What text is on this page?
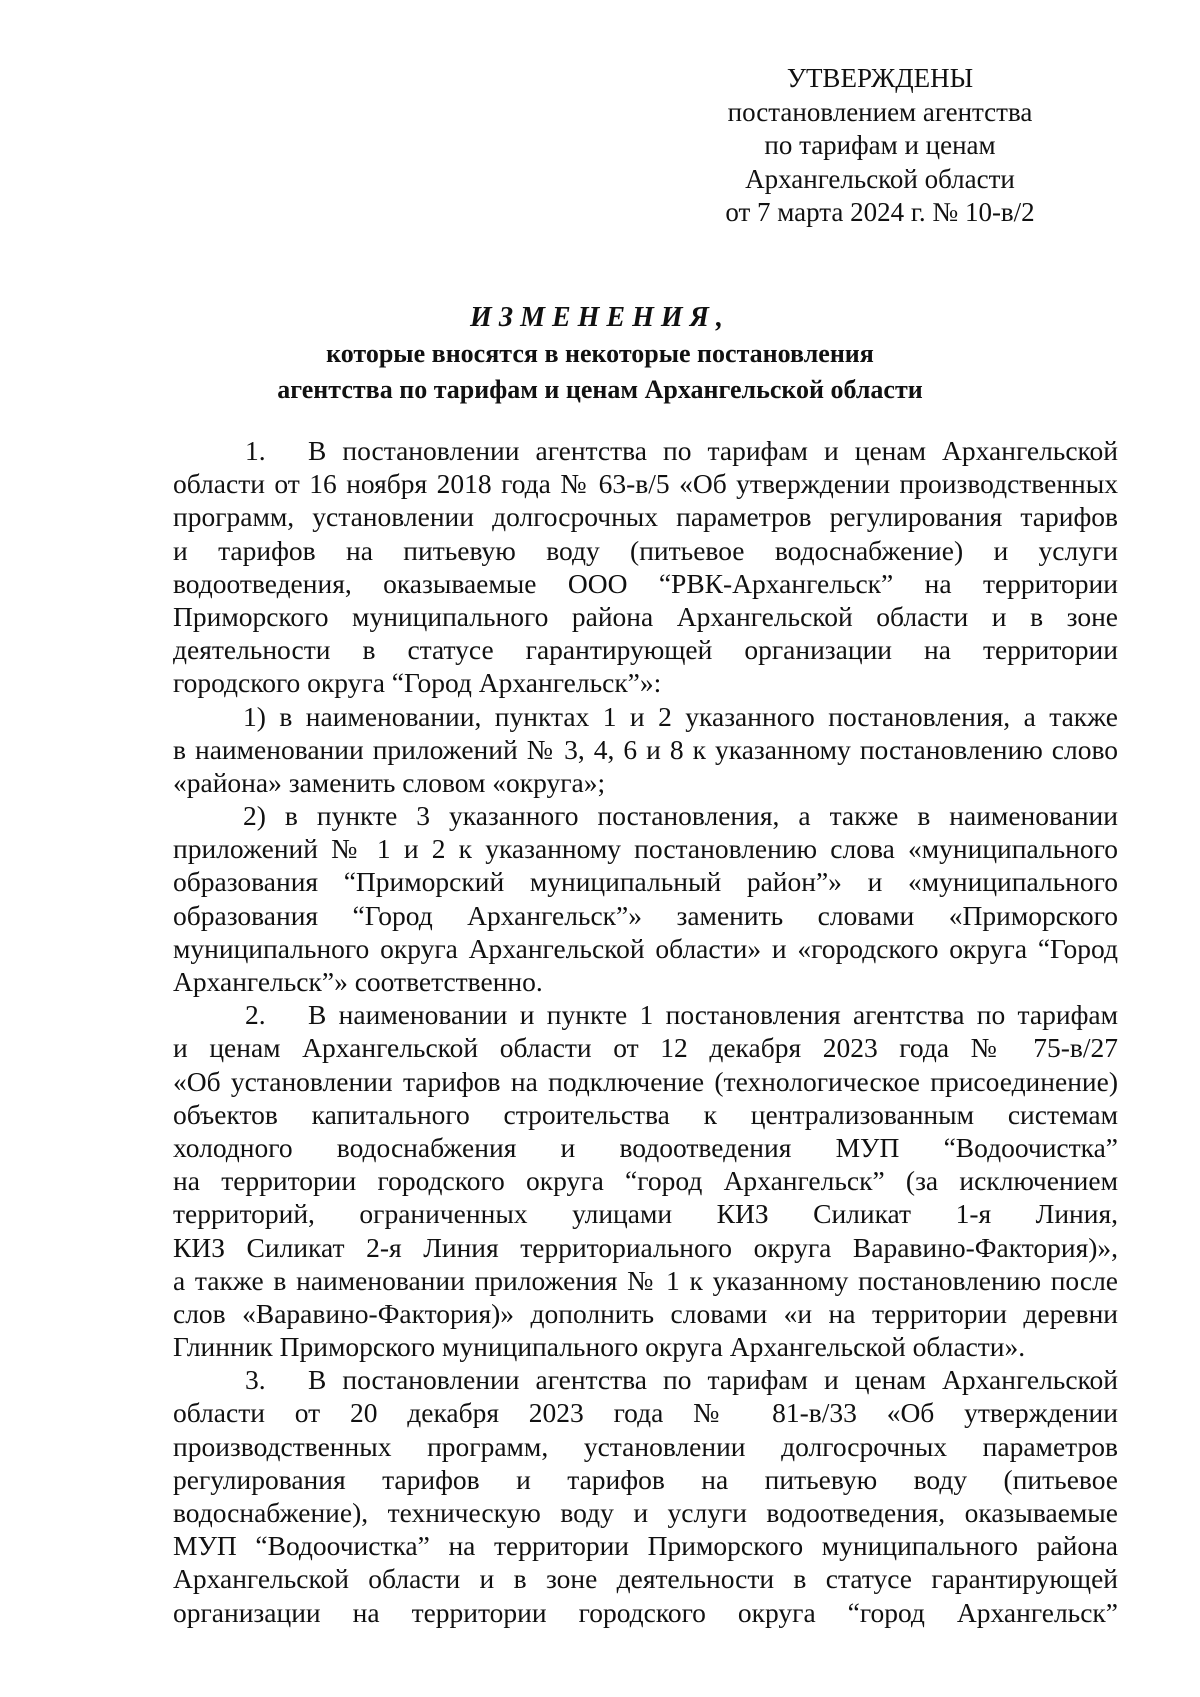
УТВЕРЖДЕНЫ
постановлением агентства
по тарифам и ценам
Архангельской области
от 7 марта 2024 г. № 10-в/2
ИЗМЕНЕНИЯ,
которые вносятся в некоторые постановления
агентства по тарифам и ценам Архангельской области
1. В постановлении агентства по тарифам и ценам Архангельской
области от 16 ноября 2018 года № 63-в/5 «Об утверждении производственных
программ, установлении долгосрочных параметров регулирования тарифов
и тарифов на питьевую воду (питьевое водоснабжение) и услуги
водоотведения, оказываемые ООО “РВК-Архангельск” на территории
Приморского муниципального района Архангельской области и в зоне
деятельности в статусе гарантирующей организации на территории
городского округа “Город Архангельск”»:
1) в наименовании, пунктах 1 и 2 указанного постановления, а также
в наименовании приложений № 3, 4, 6 и 8 к указанному постановлению слово
«района» заменить словом «округа»;
2) в пункте 3 указанного постановления, а также в наименовании
приложений № 1 и 2 к указанному постановлению слова «муниципального
образования “Приморский муниципальный район”» и «муниципального
образования “Город Архангельск”» заменить словами «Приморского
муниципального округа Архангельской области» и «городского округа “Город
Архангельск”» соответственно.
2. В наименовании и пункте 1 постановления агентства по тарифам
и ценам Архангельской области от 12 декабря 2023 года № 75-в/27
«Об установлении тарифов на подключение (технологическое присоединение)
объектов капитального строительства к централизованным системам
холодного водоснабжения и водоотведения МУП “Водоочистка”
на территории городского округа “город Архангельск” (за исключением
территорий, ограниченных улицами КИЗ Силикат 1-я Линия,
КИЗ Силикат 2-я Линия территориального округа Варавино-Фактория)»,
а также в наименовании приложения № 1 к указанному постановлению после
слов «Варавино-Фактория)» дополнить словами «и на территории деревни
Глинник Приморского муниципального округа Архангельской области».
3. В постановлении агентства по тарифам и ценам Архангельской
области от 20 декабря 2023 года № 81-в/33 «Об утверждении
производственных программ, установлении долгосрочных параметров
регулирования тарифов и тарифов на питьевую воду (питьевое
водоснабжение), техническую воду и услуги водоотведения, оказываемые
МУП “Водоочистка” на территории Приморского муниципального района
Архангельской области и в зоне деятельности в статусе гарантирующей
организации на территории городского округа “город Архангельск”
